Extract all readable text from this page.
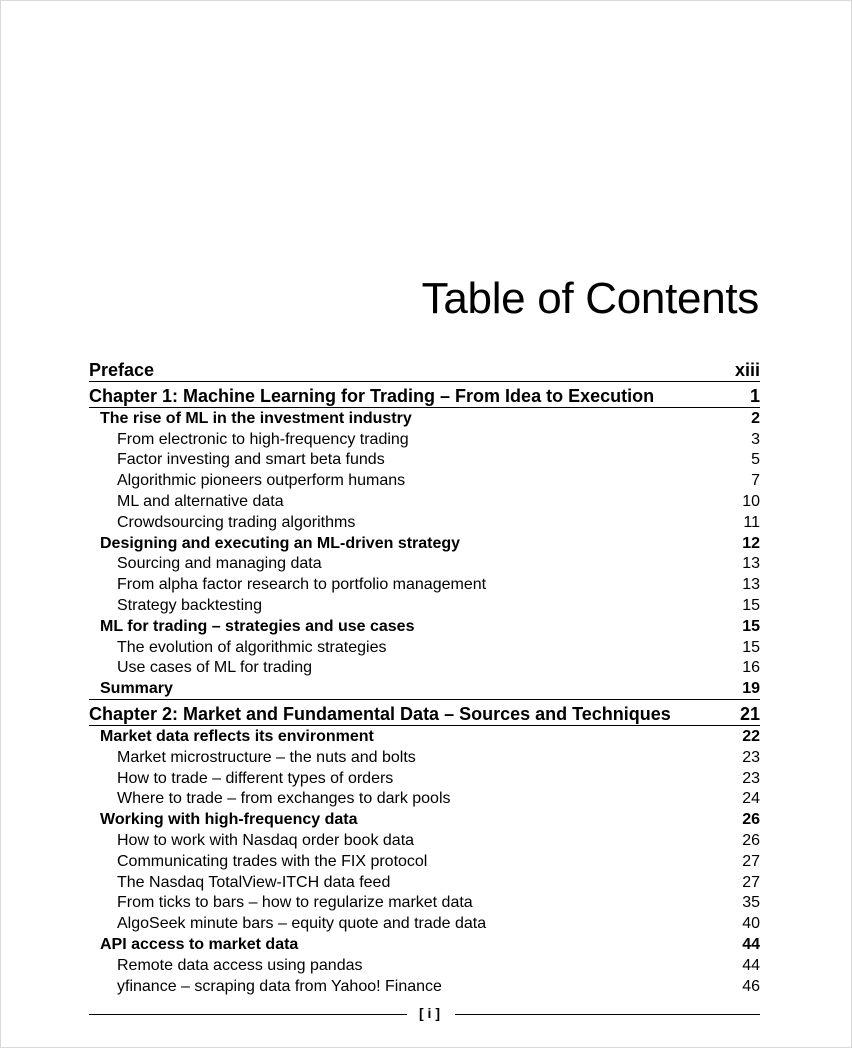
Table of Contents
Preface	xiii
Chapter 1: Machine Learning for Trading – From Idea to Execution	1
The rise of ML in the investment industry	2
From electronic to high-frequency trading	3
Factor investing and smart beta funds	5
Algorithmic pioneers outperform humans	7
ML and alternative data	10
Crowdsourcing trading algorithms	11
Designing and executing an ML-driven strategy	12
Sourcing and managing data	13
From alpha factor research to portfolio management	13
Strategy backtesting	15
ML for trading – strategies and use cases	15
The evolution of algorithmic strategies	15
Use cases of ML for trading	16
Summary	19
Chapter 2: Market and Fundamental Data – Sources and Techniques	21
Market data reflects its environment	22
Market microstructure – the nuts and bolts	23
How to trade – different types of orders	23
Where to trade – from exchanges to dark pools	24
Working with high-frequency data	26
How to work with Nasdaq order book data	26
Communicating trades with the FIX protocol	27
The Nasdaq TotalView-ITCH data feed	27
From ticks to bars – how to regularize market data	35
AlgoSeek minute bars – equity quote and trade data	40
API access to market data	44
Remote data access using pandas	44
yfinance – scraping data from Yahoo! Finance	46
[ i ]
